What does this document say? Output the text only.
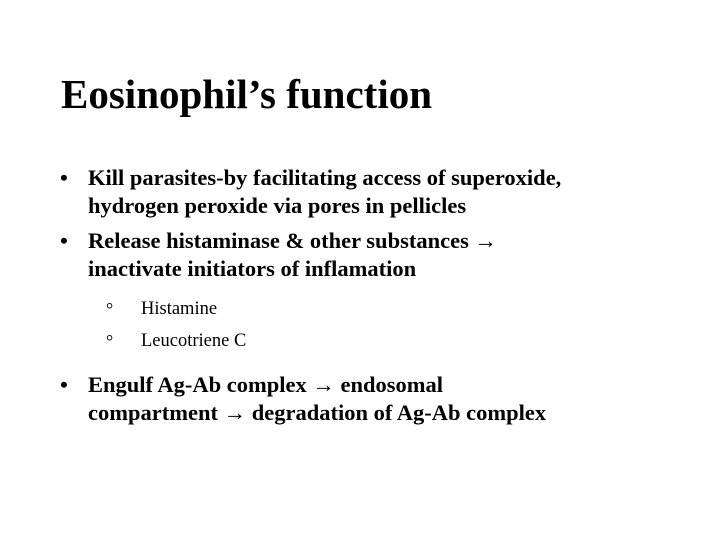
Eosinophil’s function
• Kill parasites-by facilitating access of superoxide,
hydrogen peroxide via pores in pellicles
• Release histaminase & other substances →
inactivate initiators of inflamation
° Histamine
° Leucotriene C
• Engulf Ag-Ab complex → endosomal
compartment → degradation of Ag-Ab complex
